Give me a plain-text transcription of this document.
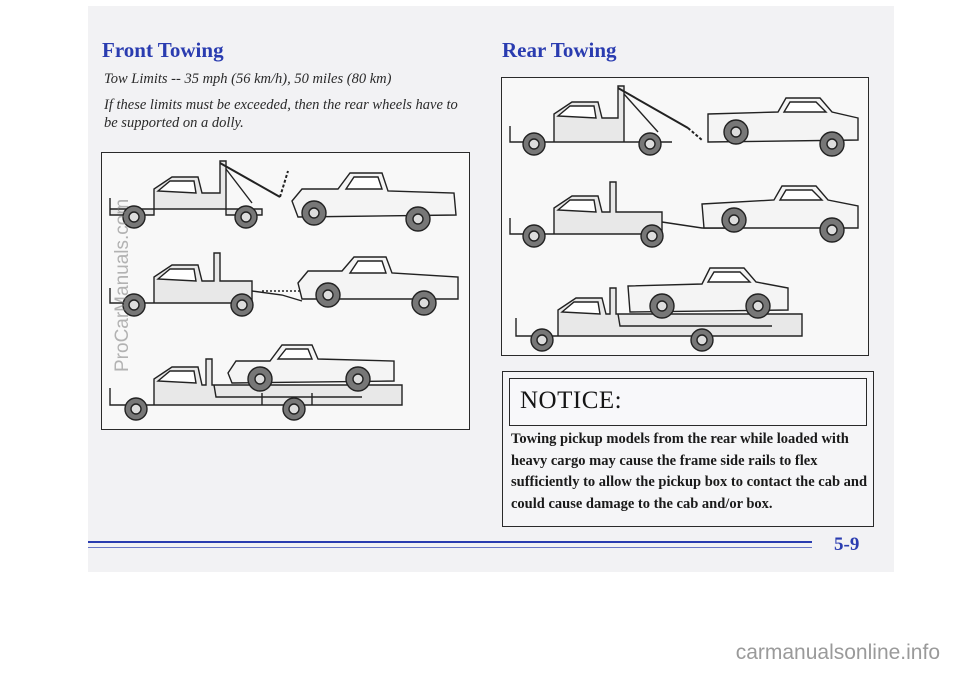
Front Towing
Tow Limits -- 35 mph (56 km/h), 50 miles (80 km)
If these limits must be exceeded, then the rear wheels have to be supported on a dolly.
Rear Towing
NOTICE:
Towing pickup models from the rear while loaded with heavy cargo may cause the frame side rails to flex sufficiently to allow the pickup box to contact the cab and could cause damage to the cab and/or box.
5-9
ProCarManuals.com
carmanualsonline.info
